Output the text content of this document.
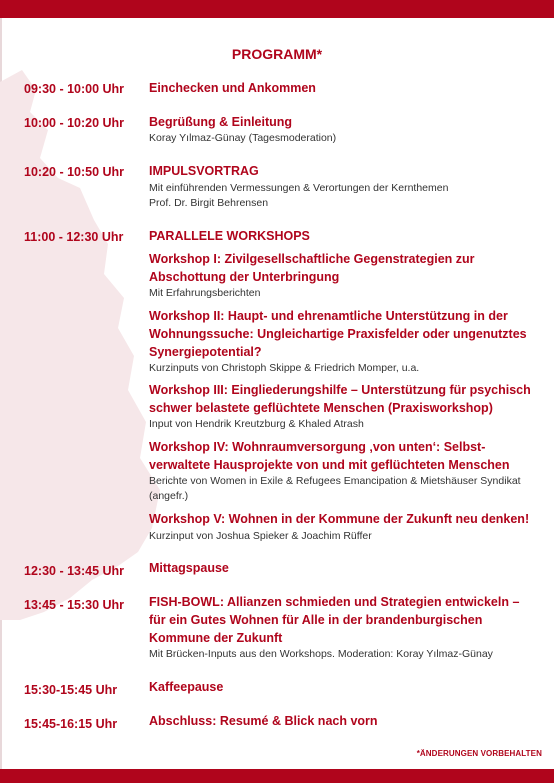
PROGRAMM*
09:30 - 10:00 Uhr Einchecken und Ankommen
10:00 - 10:20 Uhr Begrüßung & Einleitung
Koray Yılmaz-Günay (Tagesmoderation)
10:20 - 10:50 Uhr IMPULSVORTRAG
Mit einführenden Vermessungen & Verortungen der Kernthemen
Prof. Dr. Birgit Behrensen
11:00 - 12:30 Uhr PARALLELE WORKSHOPS
Workshop I: Zivilgesellschaftliche Gegenstrategien zur Abschottung der Unterbringung
Mit Erfahrungsberichten
Workshop II: Haupt- und ehrenamtliche Unterstützung in der Wohnungssuche: Ungleichartige Praxisfelder oder ungenutztes Synergiepotential?
Kurzinputs von Christoph Skippe & Friedrich Momper, u.a.
Workshop III: Eingliederungshilfe – Unterstützung für psychisch schwer belastete geflüchtete Menschen (Praxisworkshop)
Input von Hendrik Kreutzburg & Khaled Atrash
Workshop IV: Wohnraumversorgung ‚von unten‘: Selbst-verwaltete Hausprojekte von und mit geflüchteten Menschen
Berichte von Women in Exile & Refugees Emancipation & Mietshäuser Syndikat (angefr.)
Workshop V: Wohnen in der Kommune der Zukunft neu denken!
Kurzinput von Joshua Spieker & Joachim Rüffer
12:30 - 13:45 Uhr Mittagspause
13:45 - 15:30 Uhr FISH-BOWL: Allianzen schmieden und Strategien entwickeln – für ein Gutes Wohnen für Alle in der brandenburgischen Kommune der Zukunft
Mit Brücken-Inputs aus den Workshops. Moderation: Koray Yılmaz-Günay
15:30-15:45 Uhr	Kaffeepause
15:45-16:15 Uhr	Abschluss: Resumé & Blick nach vorn
*ÄNDERUNGEN VORBEHALTEN
